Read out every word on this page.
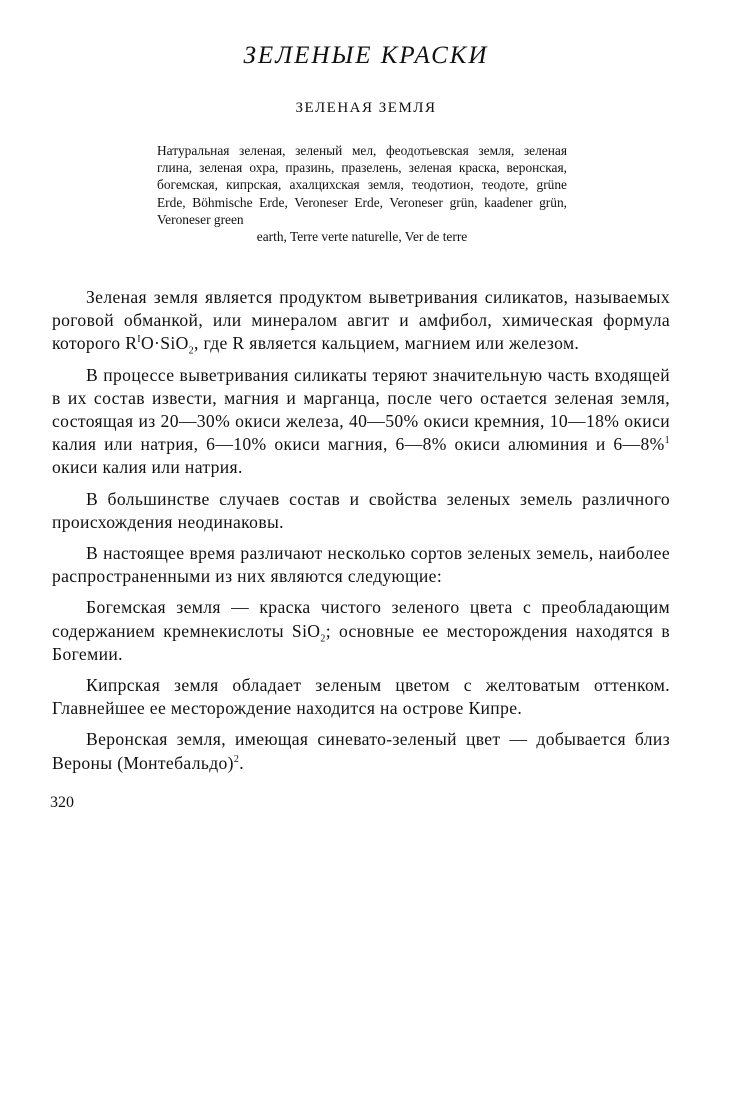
ЗЕЛЕНЫЕ КРАСКИ
ЗЕЛЕНАЯ ЗЕМЛЯ
Натуральная зеленая, зеленый мел, феодотьевская земля, зеленая глина, зеленая охра, празинь, празелень, зеленая краска, веронская, богемская, кипрская, ахалцихская земля, теодотион, теодоте, grüne Erde, Böhmische Erde, Veroneser Erde, Veroneser grün, kaadener grün, Veroneser green
earth, Terre verte naturelle, Ver de terre

Зеленая земля является продуктом выветривания силикатов, называемых роговой обманкой, или минералом авгит и амфибол, химическая формула которого $R^IO\cdot SiO_2$, где R является кальцием, магнием или железом.

В процессе выветривания силикаты теряют значительную часть входящей в их состав извести, магния и марганца, после чего остается зеленая земля, состоящая из 20—30% окиси железа, 40—50% окиси кремния, 10—18% окиси калия или натрия, 6—10% окиси магния, 6—8% окиси алюминия и 6—8%$^1$ окиси калия или натрия.

В большинстве случаев состав и свойства зеленых земель различного происхождения неодинаковы.

В настоящее время различают несколько сортов зеленых земель, наиболее распространенными из них являются следующие:

Богемская земля — краска чистого зеленого цвета с преобладающим содержанием кремнекислоты SiO$_2$; основные ее месторождения находятся в Богемии.

Кипрская земля обладает зеленым цветом с желтоватым оттенком. Главнейшее ее месторождение находится на острове Кипре.

Веронская земля, имеющая синевато-зеленый цвет — добывается близ Вероны (Монтебальдо)$^2$.

320
